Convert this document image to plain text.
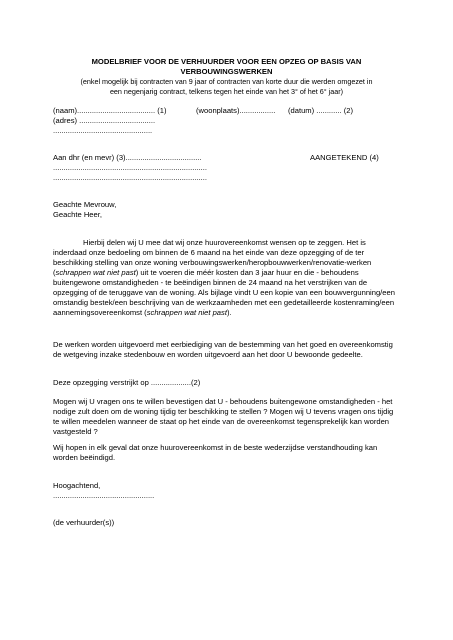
MODELBRIEF VOOR DE VERHUURDER VOOR EEN OPZEG OP BASIS VAN
VERBOUWINGSWERKEN
(enkel mogelijk bij contracten van 9 jaar of contracten van korte duur die werden omgezet in
een negenjarig contract, telkens tegen het einde van het 3° of het 6° jaar)
(naam)..................................... (1)	(woonplaats)................. (datum) ............ (2)
(adres) ....................................
...............................................
Aan dhr (en mevr) (3)....................................	AANGETEKEND (4)
.........................................................................
.........................................................................
Geachte Mevrouw,
Geachte Heer,

Hierbij delen wij U mee dat wij onze huurovereenkomst wensen op te zeggen. Het is inderdaad onze bedoeling om binnen de 6 maand na het einde van deze opzegging of de ter beschikking stelling van onze woning verbouwingswerken/heropbouwwerken/renovatie-werken (schrappen wat niet past) uit te voeren die méér kosten dan 3 jaar huur en die - behoudens buitengewone omstandigheden - te beëindigen binnen de 24 maand na het verstrijken van de opzegging of de teruggave van de woning. Als bijlage vindt U een kopie van een bouwvergunning/een omstandig bestek/een beschrijving van de werkzaamheden met een gedetailleerde kostenraming/een aannemingsovereenkomst (schrappen wat niet past).

De werken worden uitgevoerd met eerbiediging van de bestemming van het goed en overeenkomstig de wetgeving inzake stedenbouw en worden uitgevoerd aan het door U bewoonde gedeelte.

Deze opzegging verstrijkt op ...................(2)

Mogen wij U vragen ons te willen bevestigen dat U - behoudens buitengewone omstandigheden - het nodige zult doen om de woning tijdig ter beschikking te stellen ? Mogen wij U tevens vragen ons tijdig te willen meedelen wanneer de staat op het einde van de overeenkomst tegensprekelijk kan worden vastgesteld ?

Wij hopen in elk geval dat onze huurovereenkomst in de beste wederzijdse verstandhouding kan worden beëindigd.

Hoogachtend,
................................................
(de verhuurder(s))
